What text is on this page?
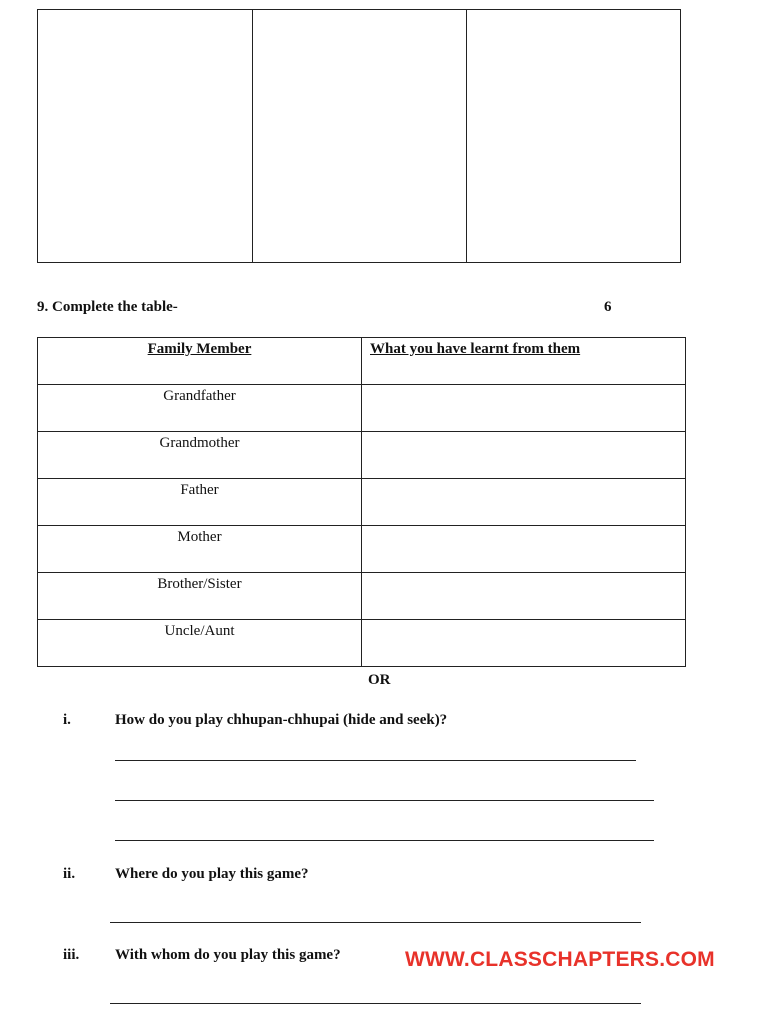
9. Complete the table-	6
Family Member	What you have learnt from them
Grandfather	
Grandmother	
Father	
Mother	
Brother/Sister	
Uncle/Aunt	
OR
i.	How do you play chhupan-chhupai (hide and seek)?
ii.	Where do you play this game?
iii. With whom do you play this game?	WWW.CLASSCHAPTERS.COM
